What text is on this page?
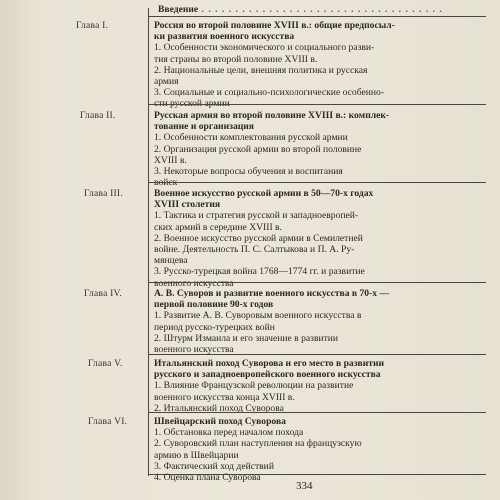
Введение . . . . . . . . . . . . . . . . . . . . . . . . . . . . . . . . . . . .
Глава I.	Россия во второй половине XVIII в.: общие предпосыл-

ки развития военного искусства

1. Особенности экономического и социального разви-

тия страны во второй половине XVIII в.

2. Национальные цели, внешняя политика и русская

армия

3. Социальные и социально-психологические особенно-

сти русской армии

Глава II.	Русская армия во второй половине XVIII в.: комплек-

тование и организация

1. Особенности комплектования русской армии

2. Организация русской армии во второй половине

XVIII в.

3. Некоторые вопросы обучения и воспитания

войск

Глава III.	Военное искусство русской армии в 50—70-х годах

XVIII столетия

1. Тактика и стратегия русской и западноевропей-

ских армий в середине XVIII в.

2. Военное искусство русской армии в Семилетней

войне. Деятельность П. С. Салтыкова и П. А. Ру-

мянцева

3. Русско-турецкая война 1768—1774 гг. и развитие

военного искусства

Глава IV.	А. В. Суворов и развитие военного искусства в 70-х —

первой половине 90-х годов

1. Развитие А. В. Суворовым военного искусства в

период русско-турецких войн

2. Штурм Измаила и его значение в развитии

военного искусства

Глава V.	Итальянский поход Суворова и его место в развитии

русского и западноевропейского военного искусства

1. Влияние Французской революции на развитие

военного искусства конца XVIII в.

2. Итальянский поход Суворова

Глава VI.	Швейцарский поход Суворова

1. Обстановка перед началом похода

2. Суворовский план наступления на французскую

армию в Швейцарии

3. Фактический ход действий

4. Оценка плана Суворова

334
